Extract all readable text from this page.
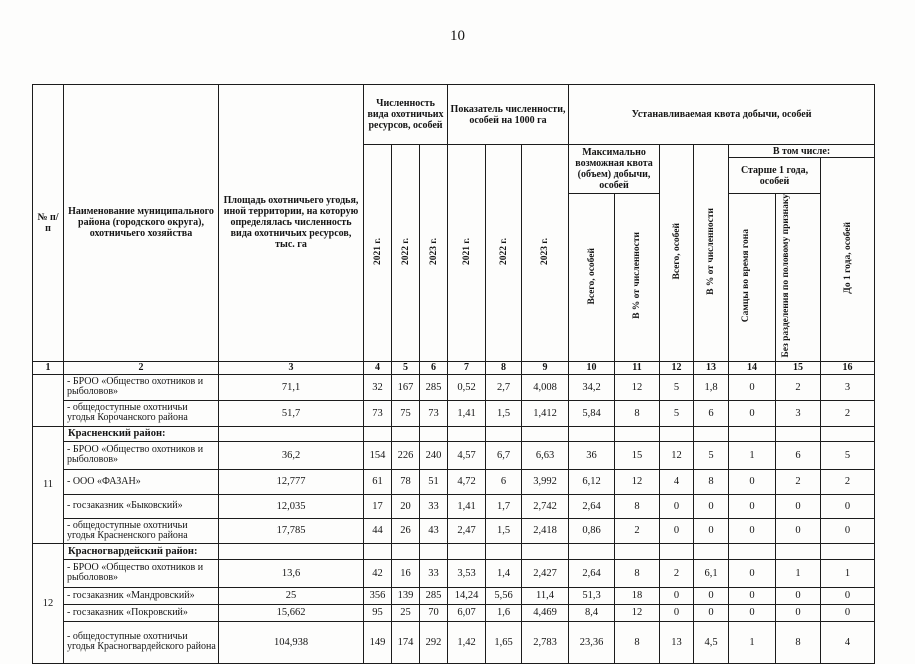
10
№ п/п	Наименование муниципального района (городского округа), охотничьего хозяйства	Площадь охотничьего угодья, иной территории, на которую определялась численность вида охотничьих ресурсов, тыс. га	Численность вида охотничьих ресурсов, особей			Показатель численности, особей на 1000 га			Устанавливаемая квота добычи, особей						
			2021 г.	2022 г.	2023 г.	2021 г.	2022 г.	2023 г.	Максимально возможная квота (объем) добычи, особей		Всего, особей	В % от численности	В том числе:		
													Старше 1 года, особей		До 1 года, особей
									Всего, особей	В % от численности			Самцы во время гона	Без разделения по половому признаку	
1	2	3	4	5	6	7	8	9	10	11	12	13	14	15	16
	- БРОО «Общество охотников и рыболовов»	71,1	32	167	285	0,52	2,7	4,008	34,2	12	5	1,8	0	2	3
	- общедоступные охотничьи угодья Корочанского района	51,7	73	75	73	1,41	1,5	1,412	5,84	8	5	6	0	3	2
11	Красненский район:														
	- БРОО «Общество охотников и рыболовов»	36,2	154	226	240	4,57	6,7	6,63	36	15	12	5	1	6	5
	- ООО «ФАЗАН»	12,777	61	78	51	4,72	6	3,992	6,12	12	4	8	0	2	2
	- госзаказник «Быковский»	12,035	17	20	33	1,41	1,7	2,742	2,64	8	0	0	0	0	0
	- общедоступные охотничьи угодья Красненского района	17,785	44	26	43	2,47	1,5	2,418	0,86	2	0	0	0	0	0
12	Красногвардейский район:														
	- БРОО «Общество охотников и рыболовов»	13,6	42	16	33	3,53	1,4	2,427	2,64	8	2	6,1	0	1	1
	- госзаказник «Мандровский»	25	356	139	285	14,24	5,56	11,4	51,3	18	0	0	0	0	0
	- госзаказник «Покровский»	15,662	95	25	70	6,07	1,6	4,469	8,4	12	0	0	0	0	0
	- общедоступные охотничьи угодья Красногвардейского района	104,938	149	174	292	1,42	1,65	2,783	23,36	8	13	4,5	1	8	4
